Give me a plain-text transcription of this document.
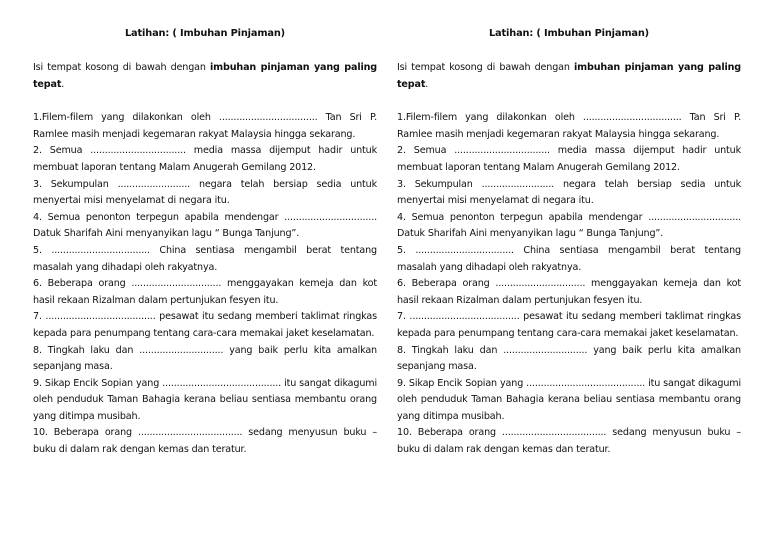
Latihan: ( Imbuhan Pinjaman)

Isi tempat kosong di bawah dengan imbuhan pinjaman yang paling tepat.

1.Filem-filem yang dilakonkan oleh .................................. Tan Sri P. Ramlee masih menjadi kegemaran rakyat Malaysia hingga sekarang.

2. Semua ................................. media massa dijemput hadir untuk membuat laporan tentang Malam Anugerah Gemilang 2012.

3. Sekumpulan ......................... negara telah bersiap sedia untuk menyertai misi menyelamat di negara itu.

4. Semua penonton terpegun apabila mendengar ................................ Datuk Sharifah Aini menyanyikan lagu “ Bunga Tanjung”.

5. .................................. China sentiasa mengambil berat tentang masalah yang dihadapi oleh rakyatnya.

6. Beberapa orang ............................... menggayakan kemeja dan kot hasil rekaan Rizalman dalam pertunjukan fesyen itu.

7. ...................................... pesawat itu sedang memberi taklimat ringkas kepada para penumpang tentang cara-cara memakai jaket keselamatan.

8. Tingkah laku dan ............................. yang baik perlu kita amalkan sepanjang masa.

9. Sikap Encik Sopian yang ......................................... itu sangat dikagumi oleh penduduk Taman Bahagia kerana beliau sentiasa membantu orang yang ditimpa musibah.

10. Beberapa orang .................................... sedang menyusun buku – buku di dalam rak dengan kemas dan teratur.

Latihan: ( Imbuhan Pinjaman)

Isi tempat kosong di bawah dengan imbuhan pinjaman yang paling tepat.

1.Filem-filem yang dilakonkan oleh .................................. Tan Sri P. Ramlee masih menjadi kegemaran rakyat Malaysia hingga sekarang.

2. Semua ................................. media massa dijemput hadir untuk membuat laporan tentang Malam Anugerah Gemilang 2012.

3. Sekumpulan ......................... negara telah bersiap sedia untuk menyertai misi menyelamat di negara itu.

4. Semua penonton terpegun apabila mendengar ................................ Datuk Sharifah Aini menyanyikan lagu “ Bunga Tanjung”.

5. .................................. China sentiasa mengambil berat tentang masalah yang dihadapi oleh rakyatnya.

6. Beberapa orang ............................... menggayakan kemeja dan kot hasil rekaan Rizalman dalam pertunjukan fesyen itu.

7. ...................................... pesawat itu sedang memberi taklimat ringkas kepada para penumpang tentang cara-cara memakai jaket keselamatan.

8. Tingkah laku dan ............................. yang baik perlu kita amalkan sepanjang masa.

9. Sikap Encik Sopian yang ......................................... itu sangat dikagumi oleh penduduk Taman Bahagia kerana beliau sentiasa membantu orang yang ditimpa musibah.

10. Beberapa orang .................................... sedang menyusun buku – buku di dalam rak dengan kemas dan teratur.
